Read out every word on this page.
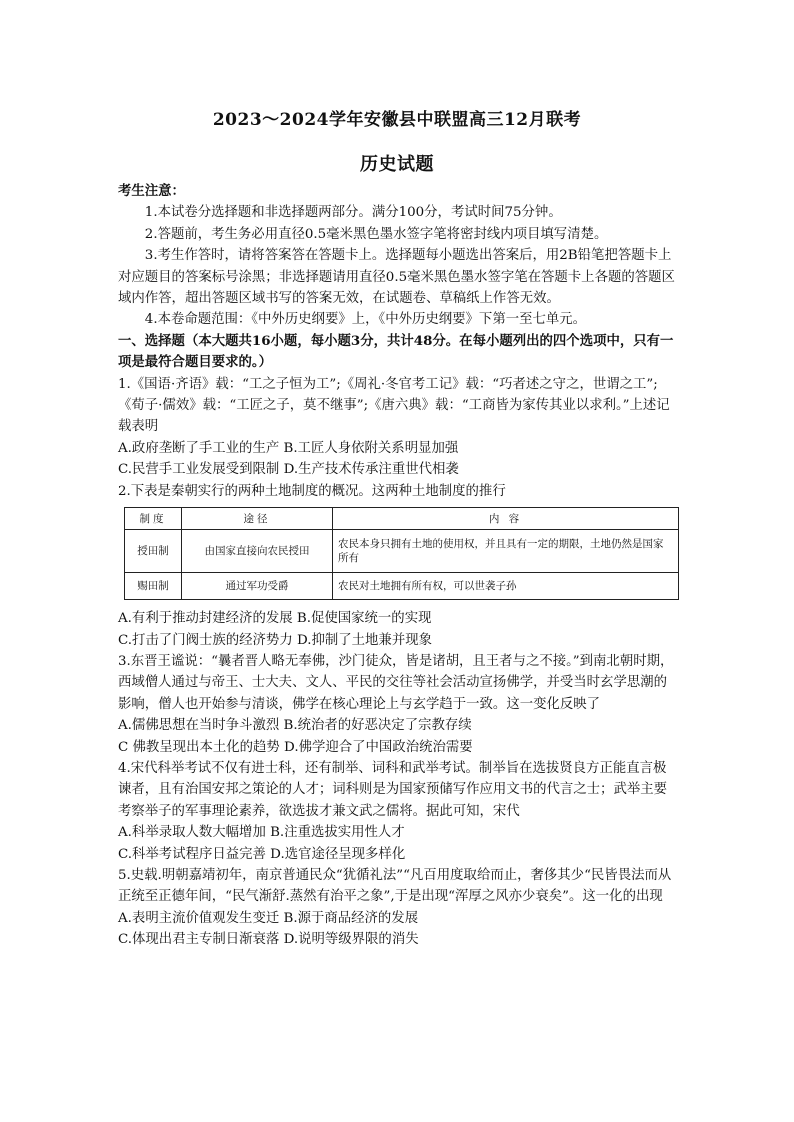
2023～2024学年安徽县中联盟高三12月联考
历史试题

考生注意：

1.本试卷分选择题和非选择题两部分。满分100分，考试时间75分钟。

2.答题前，考生务必用直径0.5毫米黑色墨水签字笔将密封线内项目填写清楚。

3.考生作答时，请将答案答在答题卡上。选择题每小题选出答案后，用2B铅笔把答题卡上对应题目的答案标号涂黑；非选择题请用直径0.5毫米黑色墨水签字笔在答题卡上各题的答题区域内作答，超出答题区域书写的答案无效，在试题卷、草稿纸上作答无效。

4.本卷命题范围：《中外历史纲要》上，《中外历史纲要》下第一至七单元。

一、选择题（本大题共16小题，每小题3分，共计48分。在每小题列出的四个选项中，只有一项是最符合题目要求的。）

1.《国语·齐语》载：“工之子恒为工”;《周礼·冬官考工记》载：“巧者述之守之，世谓之工”;《荀子·儒效》载：“工匠之子，莫不继事”;《唐六典》载：“工商皆为家传其业以求利。”上述记载表明

A.政府垄断了手工业的生产 B.工匠人身依附关系明显加强

C.民营手工业发展受到限制 D.生产技术传承注重世代相袭

2.下表是秦朝实行的两种土地制度的概况。这两种土地制度的推行

制度	途径	内 容
授田制	由国家直接向农民授田	农民本身只拥有土地的使用权，并且具有一定的期限，土地仍然是国家所有
赐田制	通过军功受爵	农民对土地拥有所有权，可以世袭子孙

A.有利于推动封建经济的发展 B.促使国家统一的实现

C.打击了门阀士族的经济势力 D.抑制了土地兼并现象

3.东晋王谧说：“曩者晋人略无奉佛，沙门徒众，皆是诸胡，且王者与之不接。”到南北朝时期，西域僧人通过与帝王、士大夫、文人、平民的交往等社会活动宣扬佛学，并受当时玄学思潮的影响，僧人也开始参与清谈，佛学在核心理论上与玄学趋于一致。这一变化反映了

A.儒佛思想在当时争斗激烈 B.统治者的好恶决定了宗教存续

C 佛教呈现出本土化的趋势 D.佛学迎合了中国政治统治需要

4.宋代科举考试不仅有进士科，还有制举、词科和武举考试。制举旨在选拔贤良方正能直言极谏者，且有治国安邦之策论的人才；词科则是为国家预储写作应用文书的代言之士；武举主要考察举子的军事理论素养，欲选拔才兼文武之儒将。据此可知，宋代

A.科举录取人数大幅增加 B.注重选拔实用性人才

C.科举考试程序日益完善 D.选官途径呈现多样化

5.史载.明朝嘉靖初年，南京普通民众“犹循礼法”“凡百用度取给而止，奢侈其少“民皆畏法而从正统至正德年间，“民气渐舒.蒸然有治平之象”,于是出现“浑厚之风亦少衰矣”。这一化的出现

A.表明主流价值观发生变迁 B.源于商品经济的发展

C.体现出君主专制日渐衰落 D.说明等级界限的消失
